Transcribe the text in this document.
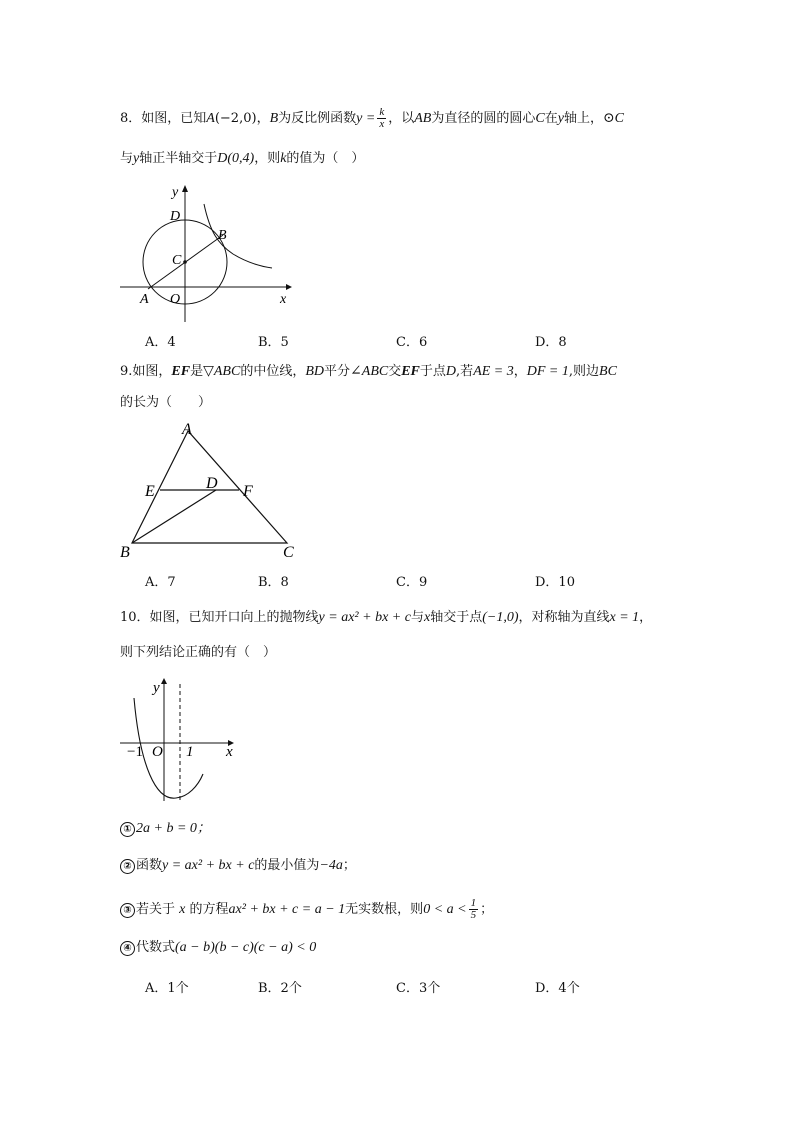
8．如图，已知A(−2,0)，B为反比例函数$y = \frac{k}{x}$ ，以AB为直径的圆的圆心C在y轴上，⊙C
与y轴正半轴交于D(0,4)，则k的值为（　）
y
x
D
B
C
A O
A．4	B．5	C．6	D．8
9.如图，EF是▽ABC的中位线，BD平分∠ABC交EF于点D,若AE = 3，DF = 1,则边BC
的长为（　　）
A
E	D F
B	C
A．7	B．8	C．9	D．10
10．如图，已知开口向上的抛物线y = ax² + bx + c与x轴交于点(−1,0)，对称轴为直线x = 1，
则下列结论正确的有（　）
y
x
−1 O 1
① 2a + b = 0；
② 函数y = ax² + bx + c的最小值为−4a；
③ 若关于 x 的方程ax² + bx + c = a − 1无实数根，则$0 < a < \frac{1}{5}$ ；
④ 代数式(a − b)(b − c)(c − a) < 0
A．1个	B．2个	C．3个	D．4个
